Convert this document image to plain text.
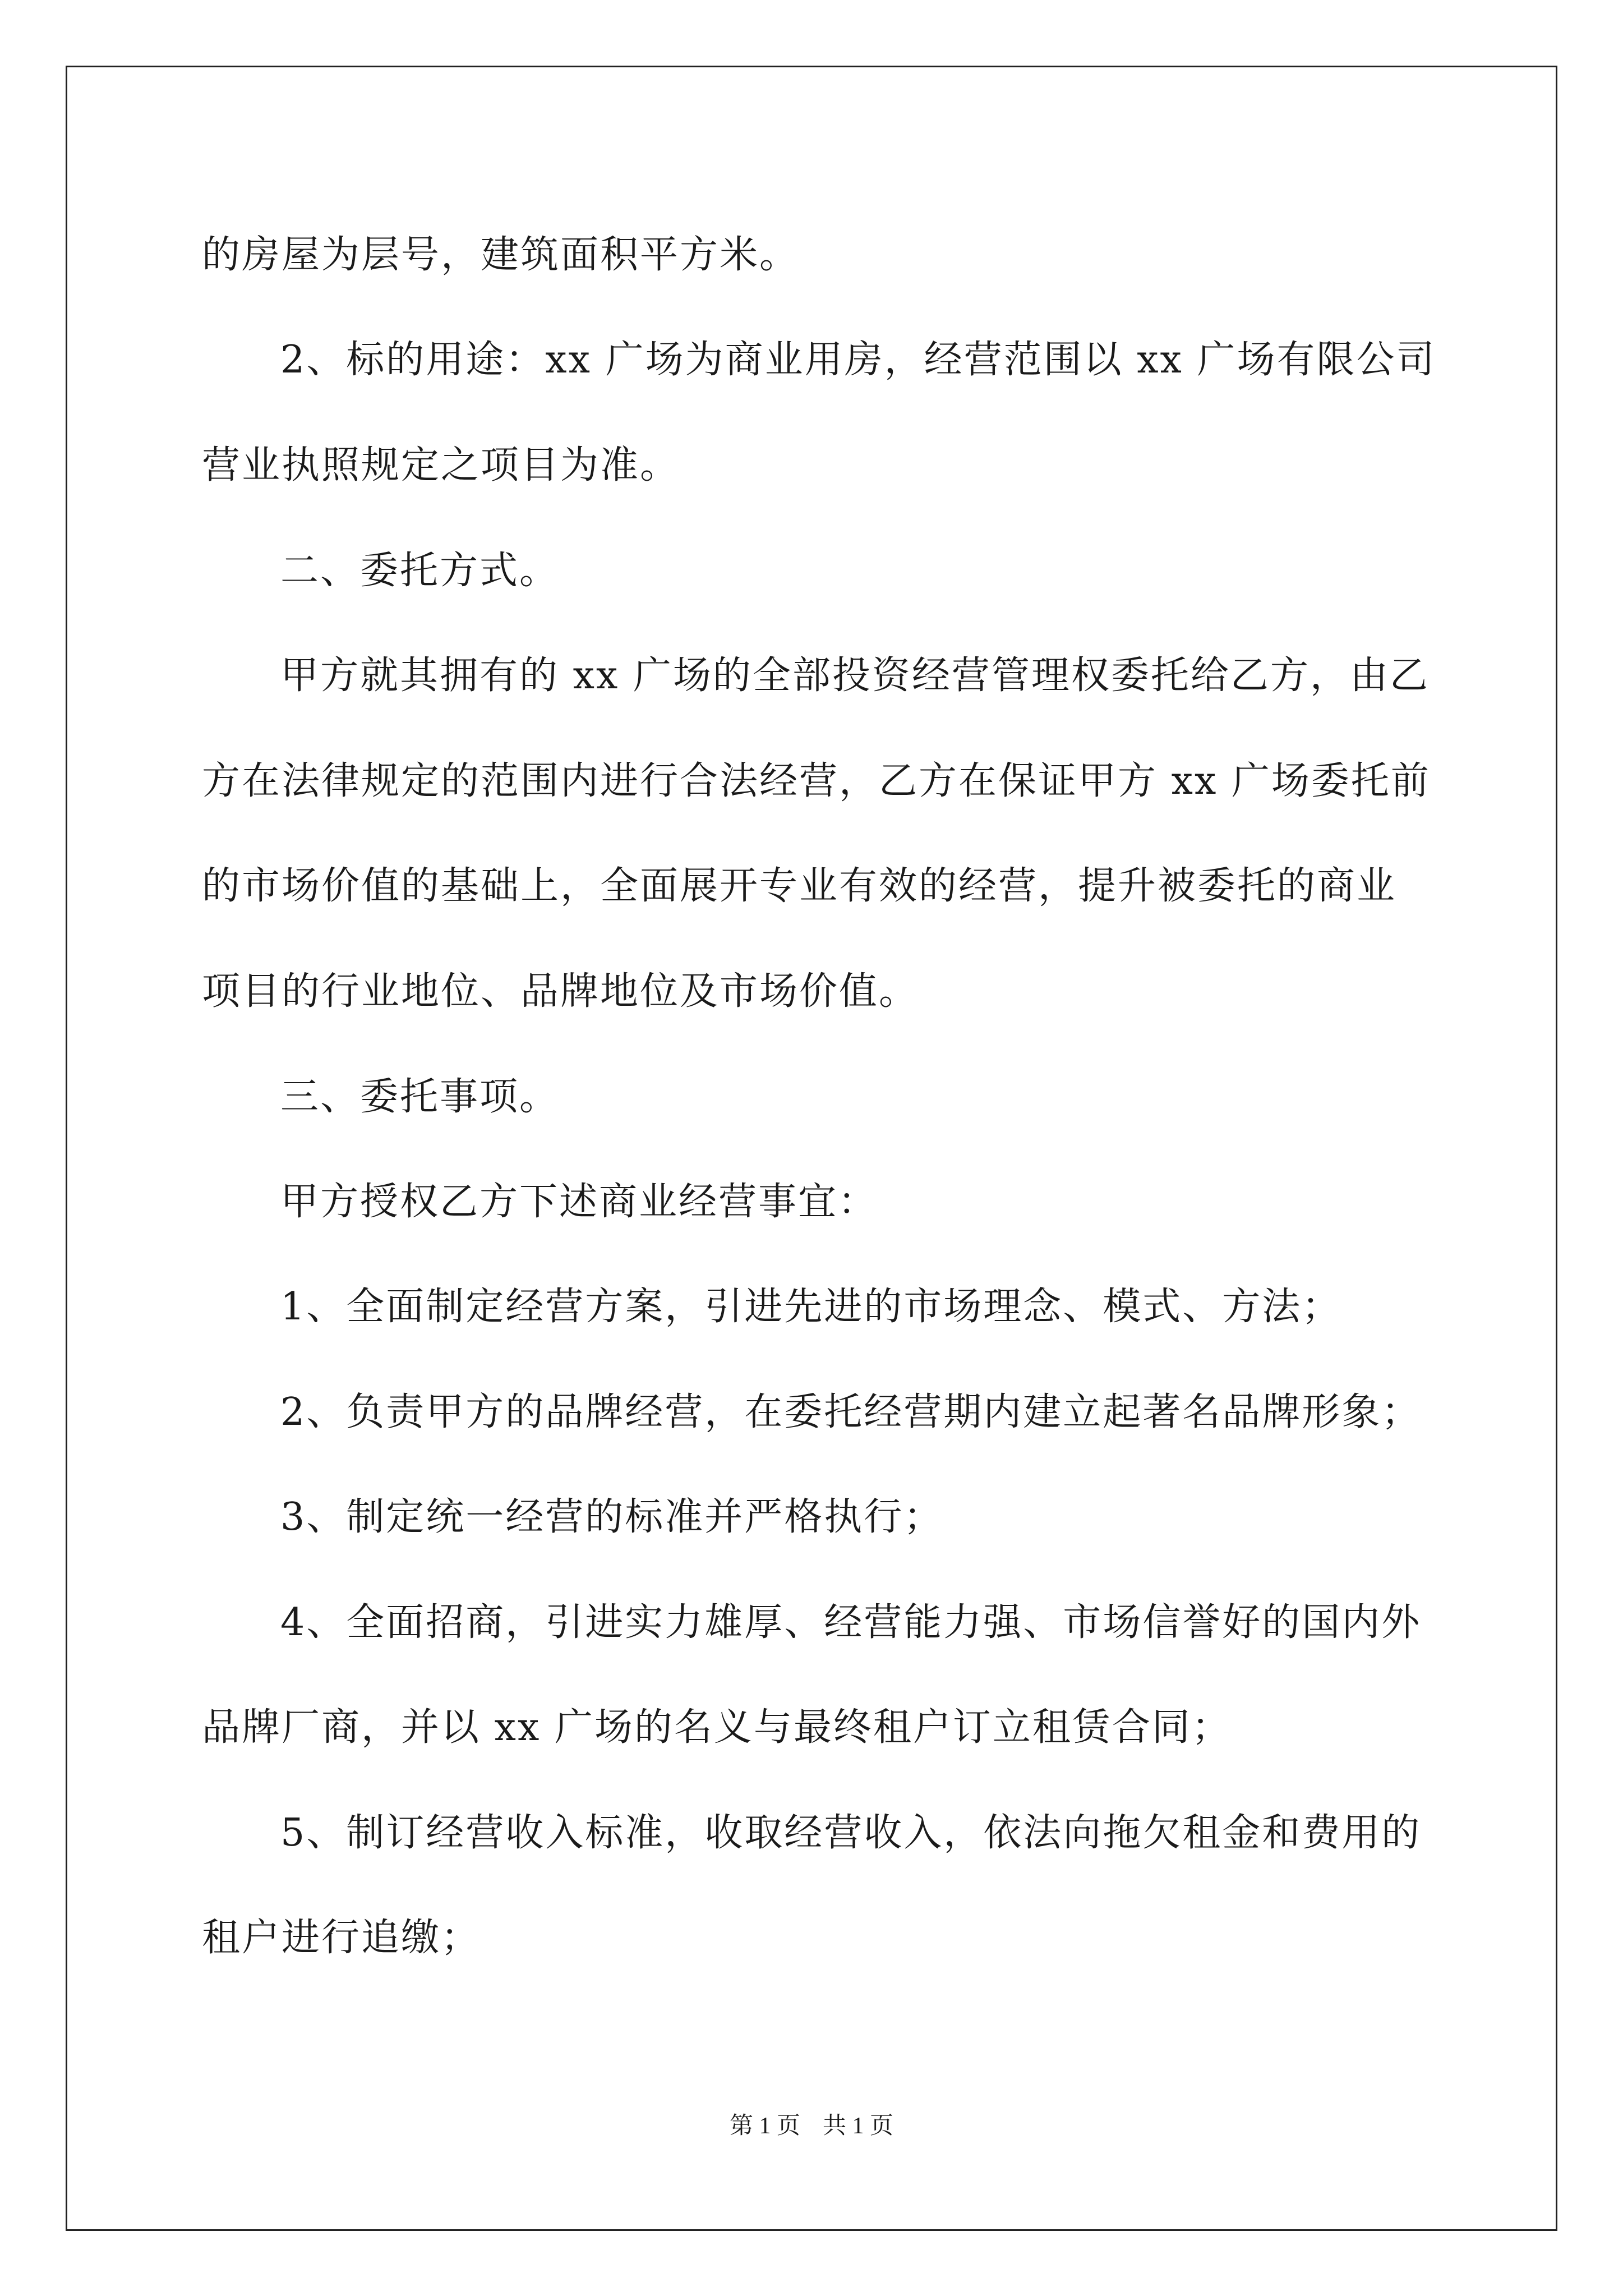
的房屋为层号，建筑面积平方米。
2、标的用途：xx 广场为商业用房，经营范围以 xx 广场有限公司
营业执照规定之项目为准。
二、委托方式。
甲方就其拥有的 xx 广场的全部投资经营管理权委托给乙方，由乙
方在法律规定的范围内进行合法经营，乙方在保证甲方 xx 广场委托前
的市场价值的基础上，全面展开专业有效的经营，提升被委托的商业
项目的行业地位、品牌地位及市场价值。
三、委托事项。
甲方授权乙方下述商业经营事宜：
1、全面制定经营方案，引进先进的市场理念、模式、方法；
2、负责甲方的品牌经营，在委托经营期内建立起著名品牌形象；
3、制定统一经营的标准并严格执行；
4、全面招商，引进实力雄厚、经营能力强、市场信誉好的国内外
品牌厂商，并以 xx 广场的名义与最终租户订立租赁合同；
5、制订经营收入标准，收取经营收入，依法向拖欠租金和费用的
租户进行追缴；
第 1 页 共 1 页
